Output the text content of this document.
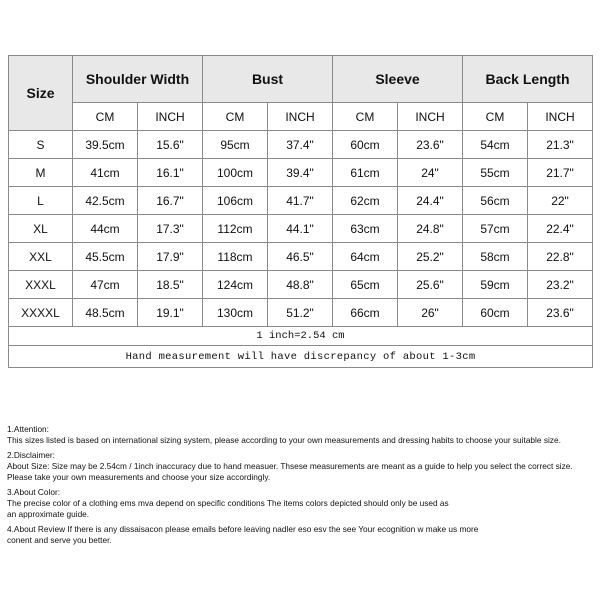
Size	Shoulder Width		Bust		Sleeve		Back Length	
	CM	INCH	CM	INCH	CM	INCH	CM	INCH
S	39.5cm	15.6"	95cm	37.4"	60cm	23.6"	54cm	21.3"
M	41cm	16.1"	100cm	39.4"	61cm	24"	55cm	21.7"
L	42.5cm	16.7"	106cm	41.7"	62cm	24.4"	56cm	22"
XL	44cm	17.3"	112cm	44.1"	63cm	24.8"	57cm	22.4"
XXL	45.5cm	17.9"	118cm	46.5"	64cm	25.2"	58cm	22.8"
XXXL	47cm	18.5"	124cm	48.8"	65cm	25.6"	59cm	23.2"
XXXXL	48.5cm	19.1"	130cm	51.2"	66cm	26"	60cm	23.6"
1 inch=2.54 cm								
Hand measurement will have discrepancy of about 1-3cm								

1.Attention:
This sizes listed is based on international sizing system, please according to your own measurements and dressing habits to choose your suitable size.

2.Disclaimer:
About Size: Size may be 2.54cm / 1inch inaccuracy due to hand measuer. Thsese measurements are meant as a guide to help you select the correct size.
Please take your own measurements and choose your size accordingly.

3.About Color:
The precise color of a clothing ems mva depend on specific conditions The items colors depicted should only be used as
an approximate guide.

4.About Review If there is any dissaisacon please emails before leaving nadler eso esv the see Your ecognition w make us more
conent and serve you better.
